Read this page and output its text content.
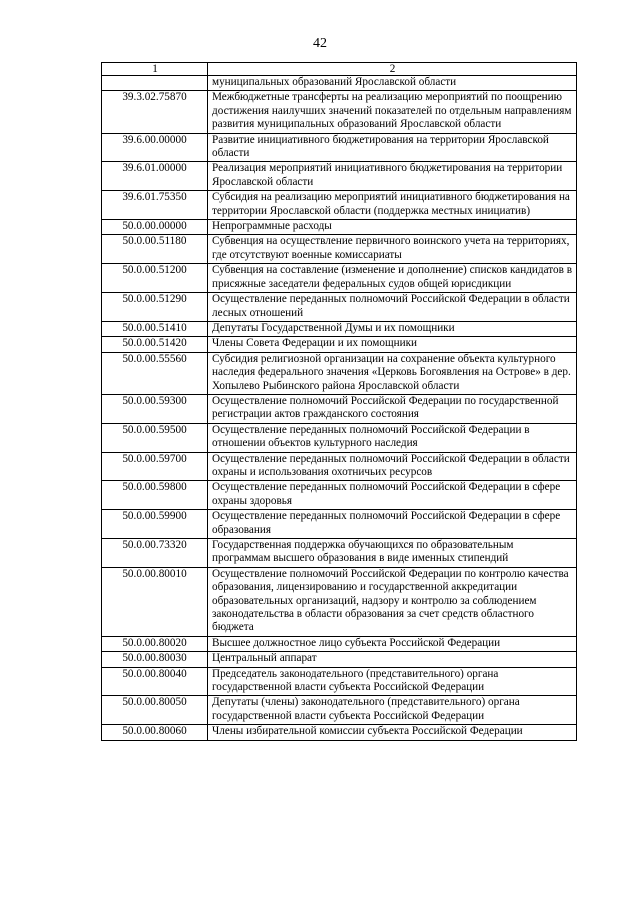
42
1	2
	муниципальных образований Ярославской области
39.3.02.75870	Межбюджетные трансферты на реализацию мероприятий по поощрению достижения наилучших значений показателей по отдельным направлениям развития муниципальных образований Ярославской области
39.6.00.00000	Развитие инициативного бюджетирования на территории Ярославской области
39.6.01.00000	Реализация мероприятий инициативного бюджетирования на территории Ярославской области
39.6.01.75350	Субсидия на реализацию мероприятий инициативного бюджетирования на территории Ярославской области (поддержка местных инициатив)
50.0.00.00000	Непрограммные расходы
50.0.00.51180	Субвенция на осуществление первичного воинского учета на территориях, где отсутствуют военные комиссариаты
50.0.00.51200	Субвенция на составление (изменение и дополнение) списков кандидатов в присяжные заседатели федеральных судов общей юрисдикции
50.0.00.51290	Осуществление переданных полномочий Российской Федерации в области лесных отношений
50.0.00.51410	Депутаты Государственной Думы и их помощники
50.0.00.51420	Члены Совета Федерации и их помощники
50.0.00.55560	Субсидия религиозной организации на сохранение объекта культурного наследия федерального значения «Церковь Богоявления на Острове» в дер. Хопылево Рыбинского района Ярославской области
50.0.00.59300	Осуществление полномочий Российской Федерации по государственной регистрации актов гражданского состояния
50.0.00.59500	Осуществление переданных полномочий Российской Федерации в отношении объектов культурного наследия
50.0.00.59700	Осуществление переданных полномочий Российской Федерации в области охраны и использования охотничьих ресурсов
50.0.00.59800	Осуществление переданных полномочий Российской Федерации в сфере охраны здоровья
50.0.00.59900	Осуществление переданных полномочий Российской Федерации в сфере образования
50.0.00.73320	Государственная поддержка обучающихся по образовательным программам высшего образования в виде именных стипендий
50.0.00.80010	Осуществление полномочий Российской Федерации по контролю качества образования, лицензированию и государственной аккредитации образовательных организаций, надзору и контролю за соблюдением законодательства в области образования за счет средств областного бюджета
50.0.00.80020	Высшее должностное лицо субъекта Российской Федерации
50.0.00.80030	Центральный аппарат
50.0.00.80040	Председатель законодательного (представительного) органа государственной власти субъекта Российской Федерации
50.0.00.80050	Депутаты (члены) законодательного (представительного) органа государственной власти субъекта Российской Федерации
50.0.00.80060	Члены избирательной комиссии субъекта Российской Федерации
